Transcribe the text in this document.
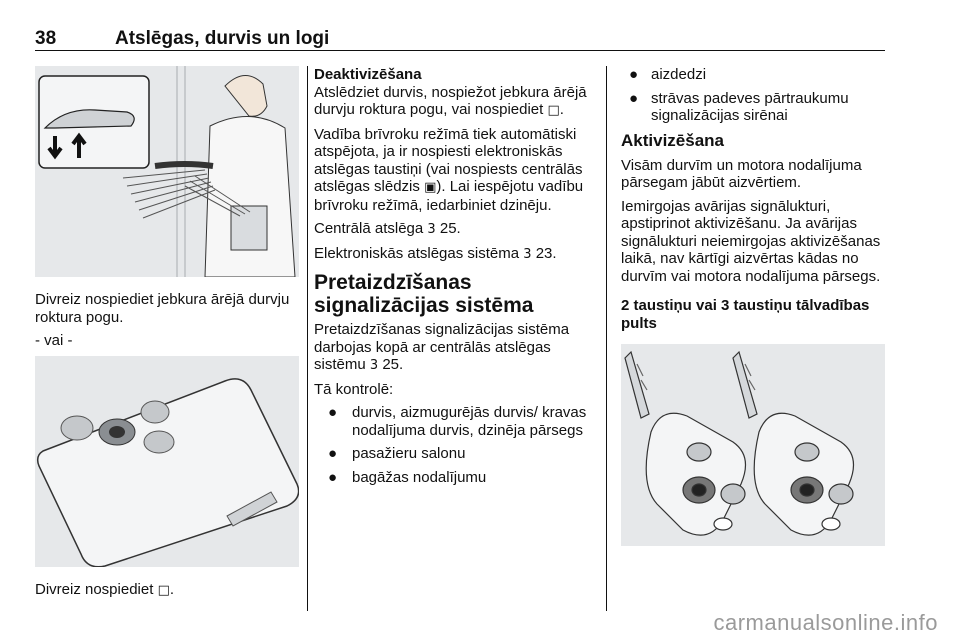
38	Atslēgas, durvis un logi

Divreiz nospiediet jebkura ārējā durvju roktura pogu.

- vai -

Divreiz nospiediet □.

Deaktivizēšana

Atslēdziet durvis, nospiežot jebkura ārējā durvju roktura pogu, vai nospiediet □.

Vadība brīvroku režīmā tiek automātiski atspējota, ja ir nospiesti elektroniskās atslēgas taustiņi (vai nospiests centrālās atslēgas slēdzis ▣). Lai iespējotu vadību brīvroku režīmā, iedarbiniet dzinēju.

Centrālā atslēga 3 25.

Elektroniskās atslēgas sistēma 3 23.

Pretaizdzīšanas signalizācijas sistēma

Pretaizdzīšanas signalizācijas sistēma darbojas kopā ar centrālās atslēgas sistēmu 3 25.

Tā kontrolē:

● durvis, aizmugurējās durvis/ kravas nodalījuma durvis, dzinēja pārsegs
● pasažieru salonu
● bagāžas nodalījumu
● aizdedzi
● strāvas padeves pārtraukumu signalizācijas sirēnai
Aktivizēšana

Visām durvīm un motora nodalījuma pārsegam jābūt aizvērtiem.

Iemirgojas avārijas signālukturi, apstiprinot aktivizēšanu. Ja avārijas signālukturi neiemirgojas aktivizēšanas laikā, nav kārtīgi aizvērtas kādas no durvīm vai motora nodalījuma pārsegs.

2 taustiņu vai 3 taustiņu tālvadības pults

carmanualsonline.info
